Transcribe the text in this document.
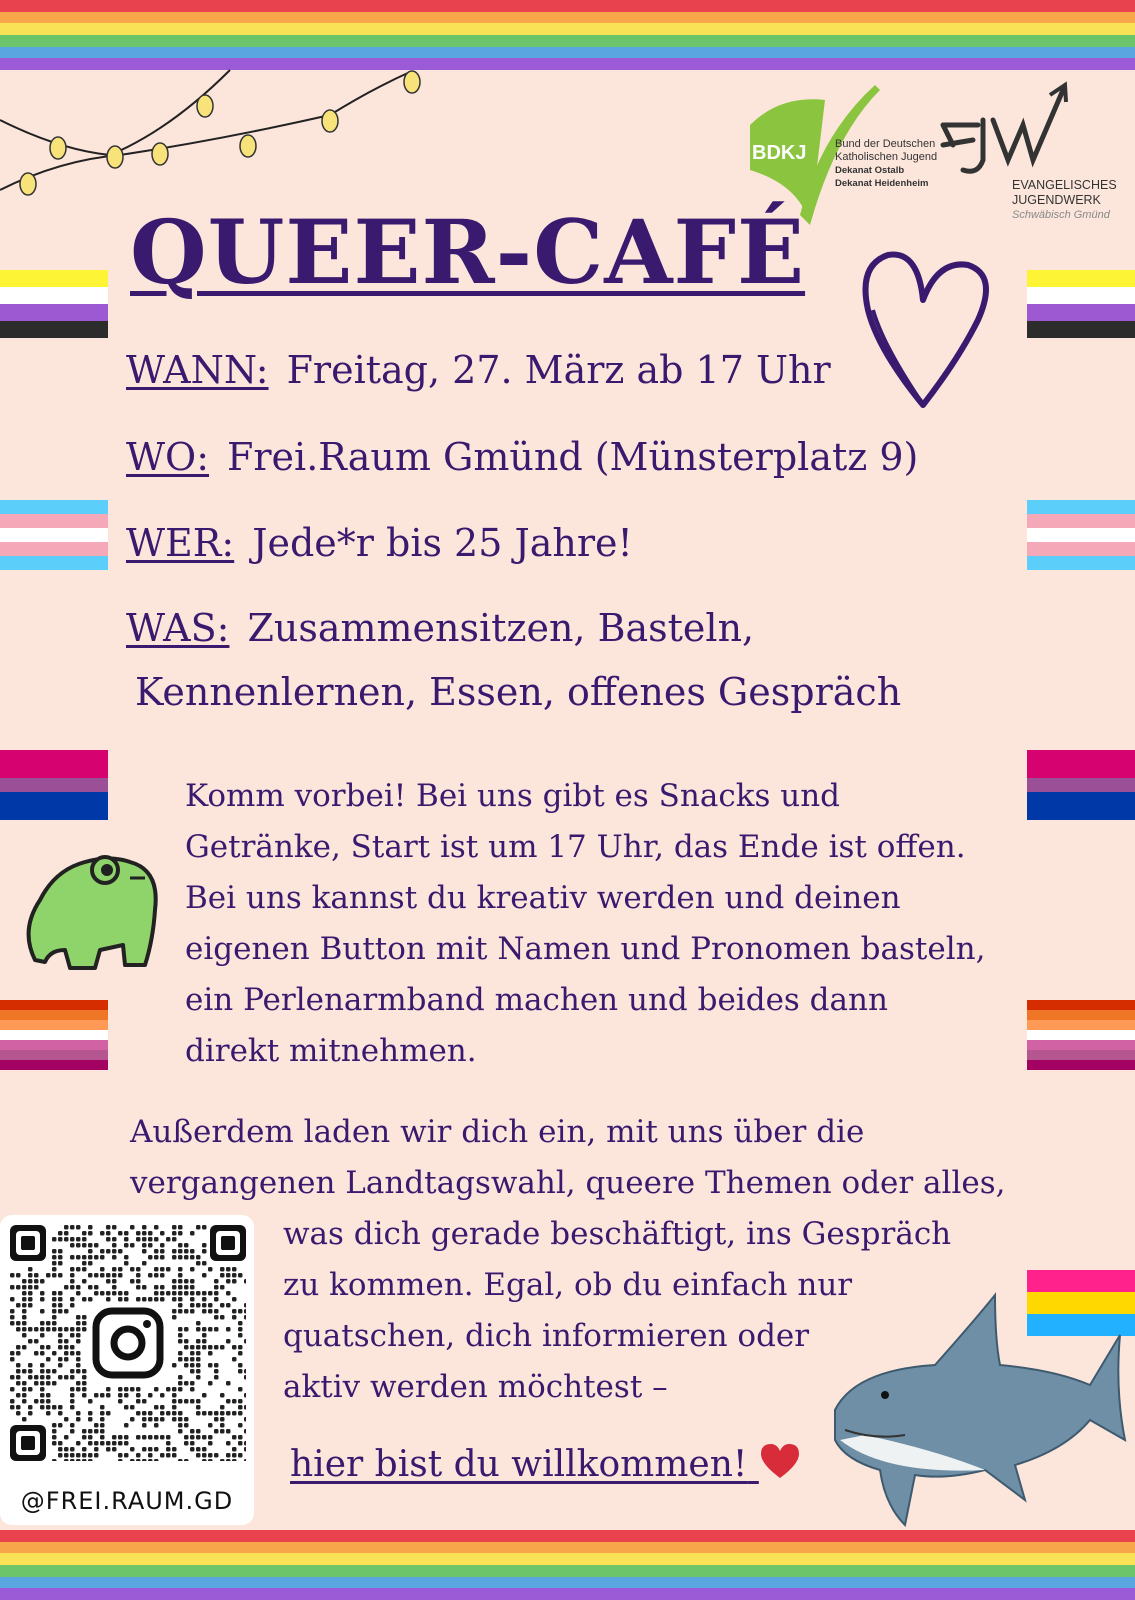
BDKJ	Bund der Deutschen
Katholischen Jugend
Dekanat Ostalb
Dekanat Heidenheim
EJW
EVANGELISCHES
JUGENDWERK
Schwäbisch Gmünd
QUEER-CAFÉ
WANN: Freitag, 27. März ab 17 Uhr
WO: Frei.Raum Gmünd (Münsterplatz 9)
WER: Jede*r bis 25 Jahre!
WAS: Zusammensitzen, Basteln,
Kennenlernen, Essen, offenes Gespräch
Komm vorbei! Bei uns gibt es Snacks und
Getränke, Start ist um 17 Uhr, das Ende ist offen.
Bei uns kannst du kreativ werden und deinen
eigenen Button mit Namen und Pronomen basteln,
ein Perlenarmband machen und beides dann
direkt mitnehmen.
Außerdem laden wir dich ein, mit uns über die
vergangenen Landtagswahl, queere Themen oder alles,
was dich gerade beschäftigt, ins Gespräch
zu kommen. Egal, ob du einfach nur
quatschen, dich informieren oder
aktiv werden möchtest –
hier bist du willkommen!
@FREI.RAUM.GD
